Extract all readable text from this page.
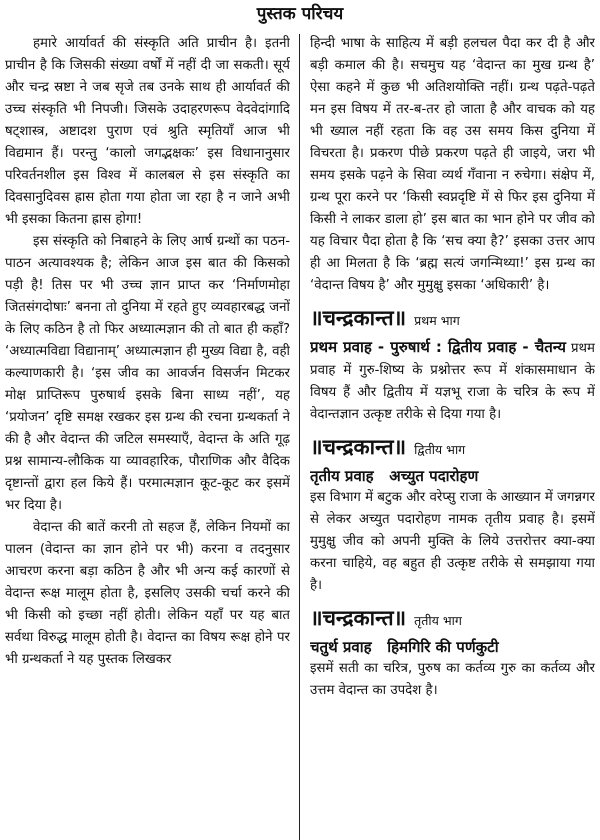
पुस्तक परिचय

हमारे आर्यावर्त की संस्कृति अति प्राचीन है। इतनी प्राचीन है कि जिसकी संख्या वर्षों में नहीं दी जा सकती। सूर्य और चन्द्र स्रष्टा ने जब सृजे तब उनके साथ ही आर्यावर्त की उच्च संस्कृति भी निपजी। जिसके उदाहरणरूप वेदवेदांगादि षट्शास्त्र, अष्टादश पुराण एवं श्रुति स्मृतियाँ आज भी विद्यमान हैं। परन्तु ‘कालो जगद्भक्षकः’ इस विधानानुसार परिवर्तनशील इस विश्व में कालबल से इस संस्कृति का दिवसानुदिवस ह्रास होता गया होता जा रहा है न जाने अभी भी इसका कितना ह्रास होगा!

इस संस्कृति को निबाहने के लिए आर्ष ग्रन्थों का पठन-पाठन अत्यावश्यक है; लेकिन आज इस बात की किसको पड़ी है! तिस पर भी उच्च ज्ञान प्राप्त कर ‘निर्माणमोहा जितसंगदोषाः’ बनना तो दुनिया में रहते हुए व्यवहारबद्ध जनों के लिए कठिन है तो फिर अध्यात्मज्ञान की तो बात ही कहाँ? ‘अध्यात्मविद्या विद्यानाम्’ अध्यात्मज्ञान ही मुख्य विद्या है, वही कल्याणकारी है। ‘इस जीव का आवर्जन विसर्जन मिटकर मोक्ष प्राप्तिरूप पुरुषार्थ इसके बिना साध्य नहीं’, यह ‘प्रयोजन’ दृष्टि समक्ष रखकर इस ग्रन्थ की रचना ग्रन्थकर्ता ने की है और वेदान्त की जटिल समस्याएँ, वेदान्त के अति गूढ़ प्रश्न सामान्य-लौकिक या व्यावहारिक, पौराणिक और वैदिक दृष्टान्तों द्वारा हल किये हैं। परमात्मज्ञान कूट-कूट कर इसमें भर दिया है।

वेदान्त की बातें करनी तो सहज हैं, लेकिन नियमों का पालन (वेदान्त का ज्ञान होने पर भी) करना व तदनुसार आचरण करना बड़ा कठिन है और भी अन्य कई कारणों से वेदान्त रूक्ष मालूम होता है, इसलिए उसकी चर्चा करने की भी किसी को इच्छा नहीं होती। लेकिन यहाँ पर यह बात सर्वथा विरुद्ध मालूम होती है। वेदान्त का विषय रूक्ष होने पर भी ग्रन्थकर्ता ने यह पुस्तक लिखकर

हिन्दी भाषा के साहित्य में बड़ी हलचल पैदा कर दी है और बड़ी कमाल की है। सचमुच यह ‘वेदान्त का मुख ग्रन्थ है’ ऐसा कहने में कुछ भी अतिशयोक्ति नहीं। ग्रन्थ पढ़ते-पढ़ते मन इस विषय में तर-ब-तर हो जाता है और वाचक को यह भी ख्याल नहीं रहता कि वह उस समय किस दुनिया में विचरता है। प्रकरण पीछे प्रकरण पढ़ते ही जाइये, जरा भी समय इसके पढ़ने के सिवा व्यर्थ गँवाना न रुचेगा। संक्षेप में, ग्रन्थ पूरा करने पर ‘किसी स्वप्नदृष्टि में से फिर इस दुनिया में किसी ने लाकर डाला हो’ इस बात का भान होने पर जीव को यह विचार पैदा होता है कि ‘सच क्या है?’ इसका उत्तर आप ही आ मिलता है कि ‘ब्रह्म सत्यं जगन्मिथ्या!’ इस ग्रन्थ का ‘वेदान्त विषय है’ और मुमुक्षु इसका ‘अधिकारी’ है।

॥चन्द्रकान्त॥ प्रथम भाग

प्रथम प्रवाह - पुरुषार्थ : द्वितीय प्रवाह - चैतन्य प्रथम प्रवाह में गुरु-शिष्य के प्रश्नोत्तर रूप में शंकासमाधान के विषय हैं और द्वितीय में यज्ञभू राजा के चरित्र के रूप में वेदान्तज्ञान उत्कृष्ट तरीके से दिया गया है।

॥चन्द्रकान्त॥ द्वितीय भाग
तृतीय प्रवाह   अच्युत पदारोहण

इस विभाग में बटुक और वरेप्सु राजा के आख्यान में जगन्नगर से लेकर अच्युत पदारोहण नामक तृतीय प्रवाह है। इसमें मुमुक्षु जीव को अपनी मुक्ति के लिये उत्तरोत्तर क्या-क्या करना चाहिये, वह बहुत ही उत्कृष्ट तरीके से समझाया गया है।

॥चन्द्रकान्त॥ तृतीय भाग
चतुर्थ प्रवाह   हिमगिरि की पर्णकुटी

इसमें सती का चरित्र, पुरुष का कर्तव्य गुरु का कर्तव्य और उत्तम वेदान्त का उपदेश है।
